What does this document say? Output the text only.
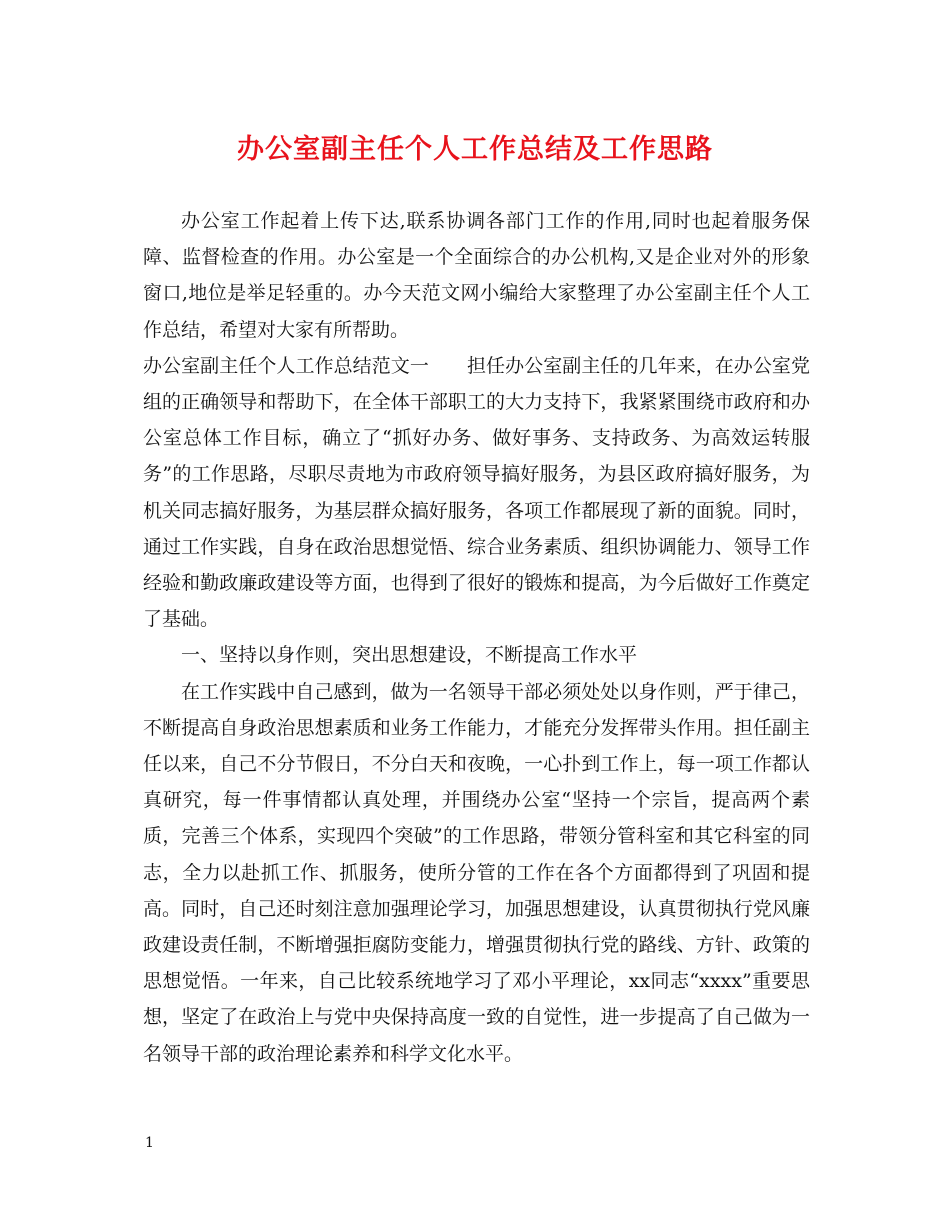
办公室副主任个人工作总结及工作思路

办公室工作起着上传下达,联系协调各部门工作的作用,同时也起着服务保障、监督检查的作用。办公室是一个全面综合的办公机构,又是企业对外的形象窗口,地位是举足轻重的。办今天范文网小编给大家整理了办公室副主任个人工作总结，希望对大家有所帮助。

办公室副主任个人工作总结范文一　　担任办公室副主任的几年来，在办公室党组的正确领导和帮助下，在全体干部职工的大力支持下，我紧紧围绕市政府和办公室总体工作目标，确立了“抓好办务、做好事务、支持政务、为高效运转服务”的工作思路，尽职尽责地为市政府领导搞好服务，为县区政府搞好服务，为机关同志搞好服务，为基层群众搞好服务，各项工作都展现了新的面貌。同时，通过工作实践，自身在政治思想觉悟、综合业务素质、组织协调能力、领导工作经验和勤政廉政建设等方面，也得到了很好的锻炼和提高，为今后做好工作奠定了基础。

一、坚持以身作则，突出思想建设，不断提高工作水平

在工作实践中自己感到，做为一名领导干部必须处处以身作则，严于律己，不断提高自身政治思想素质和业务工作能力，才能充分发挥带头作用。担任副主任以来，自己不分节假日，不分白天和夜晚，一心扑到工作上，每一项工作都认真研究，每一件事情都认真处理，并围绕办公室“坚持一个宗旨，提高两个素质，完善三个体系，实现四个突破”的工作思路，带领分管科室和其它科室的同志，全力以赴抓工作、抓服务，使所分管的工作在各个方面都得到了巩固和提高。同时，自己还时刻注意加强理论学习，加强思想建设，认真贯彻执行党风廉政建设责任制，不断增强拒腐防变能力，增强贯彻执行党的路线、方针、政策的思想觉悟。一年来，自己比较系统地学习了邓小平理论，xx同志“xxxx”重要思想，坚定了在政治上与党中央保持高度一致的自觉性，进一步提高了自己做为一名领导干部的政治理论素养和科学文化水平。

1
